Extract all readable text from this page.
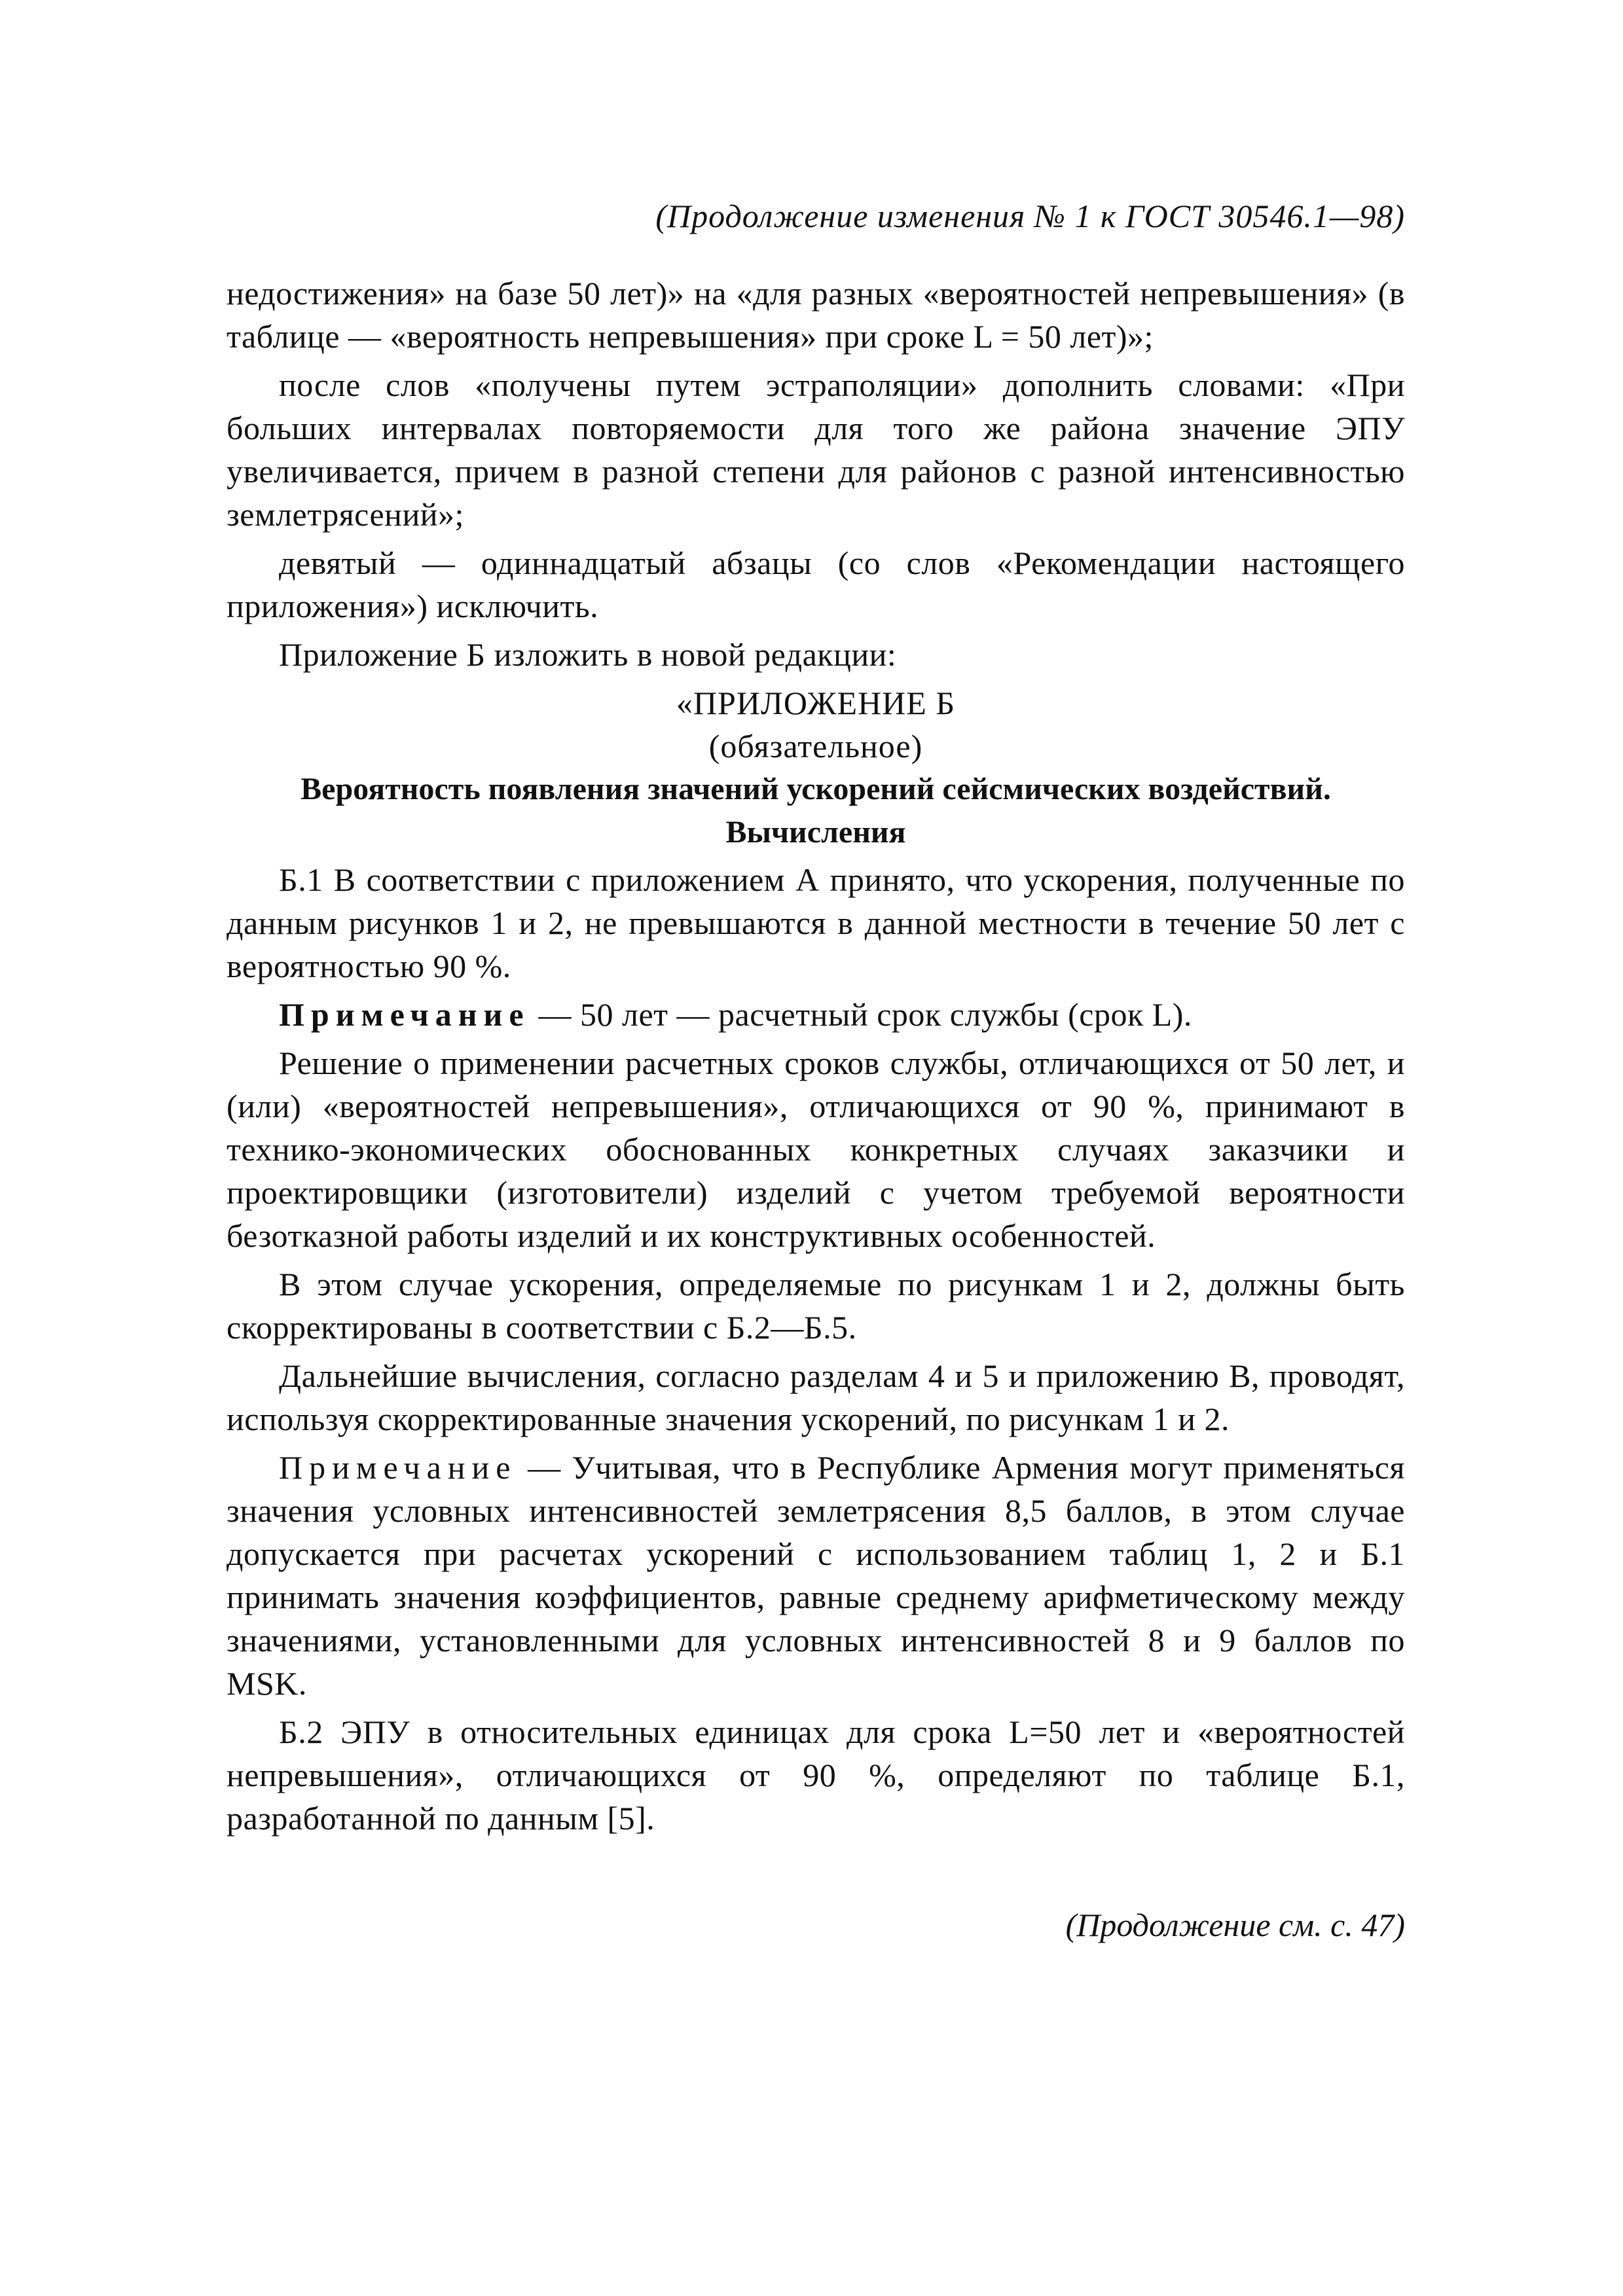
(Продолжение изменения № 1 к ГОСТ 30546.1—98)

недостижения» на базе 50 лет)» на «для разных «вероятностей непревышения» (в таблице — «вероятность непревышения» при сроке L = 50 лет)»;

после слов «получены путем эстраполяции» дополнить словами: «При больших интервалах повторяемости для того же района значение ЭПУ увеличивается, причем в разной степени для районов с разной интенсивностью землетрясений»;

девятый — одиннадцатый абзацы (со слов «Рекомендации настоящего приложения») исключить.

Приложение Б изложить в новой редакции:

«ПРИЛОЖЕНИЕ Б

(обязательное)

Вероятность появления значений ускорений сейсмических воздействий.

Вычисления

Б.1 В соответствии с приложением А принято, что ускорения, полученные по данным рисунков 1 и 2, не превышаются в данной местности в течение 50 лет с вероятностью 90 %.

Примечание — 50 лет — расчетный срок службы (срок L).

Решение о применении расчетных сроков службы, отличающихся от 50 лет, и (или) «вероятностей непревышения», отличающихся от 90 %, принимают в технико-экономических обоснованных конкретных случаях заказчики и проектировщики (изготовители) изделий с учетом требуемой вероятности безотказной работы изделий и их конструктивных особенностей.

В этом случае ускорения, определяемые по рисункам 1 и 2, должны быть скорректированы в соответствии с Б.2—Б.5.

Дальнейшие вычисления, согласно разделам 4 и 5 и приложению В, проводят, используя скорректированные значения ускорений, по рисункам 1 и 2.

Примечание — Учитывая, что в Республике Армения могут применяться значения условных интенсивностей землетрясения 8,5 баллов, в этом случае допускается при расчетах ускорений с использованием таблиц 1, 2 и Б.1 принимать значения коэффициентов, равные среднему арифметическому между значениями, установленными для условных интенсивностей 8 и 9 баллов по MSK.

Б.2 ЭПУ в относительных единицах для срока L=50 лет и «вероятностей непревышения», отличающихся от 90 %, определяют по таблице Б.1, разработанной по данным [5].

(Продолжение см. с. 47)
